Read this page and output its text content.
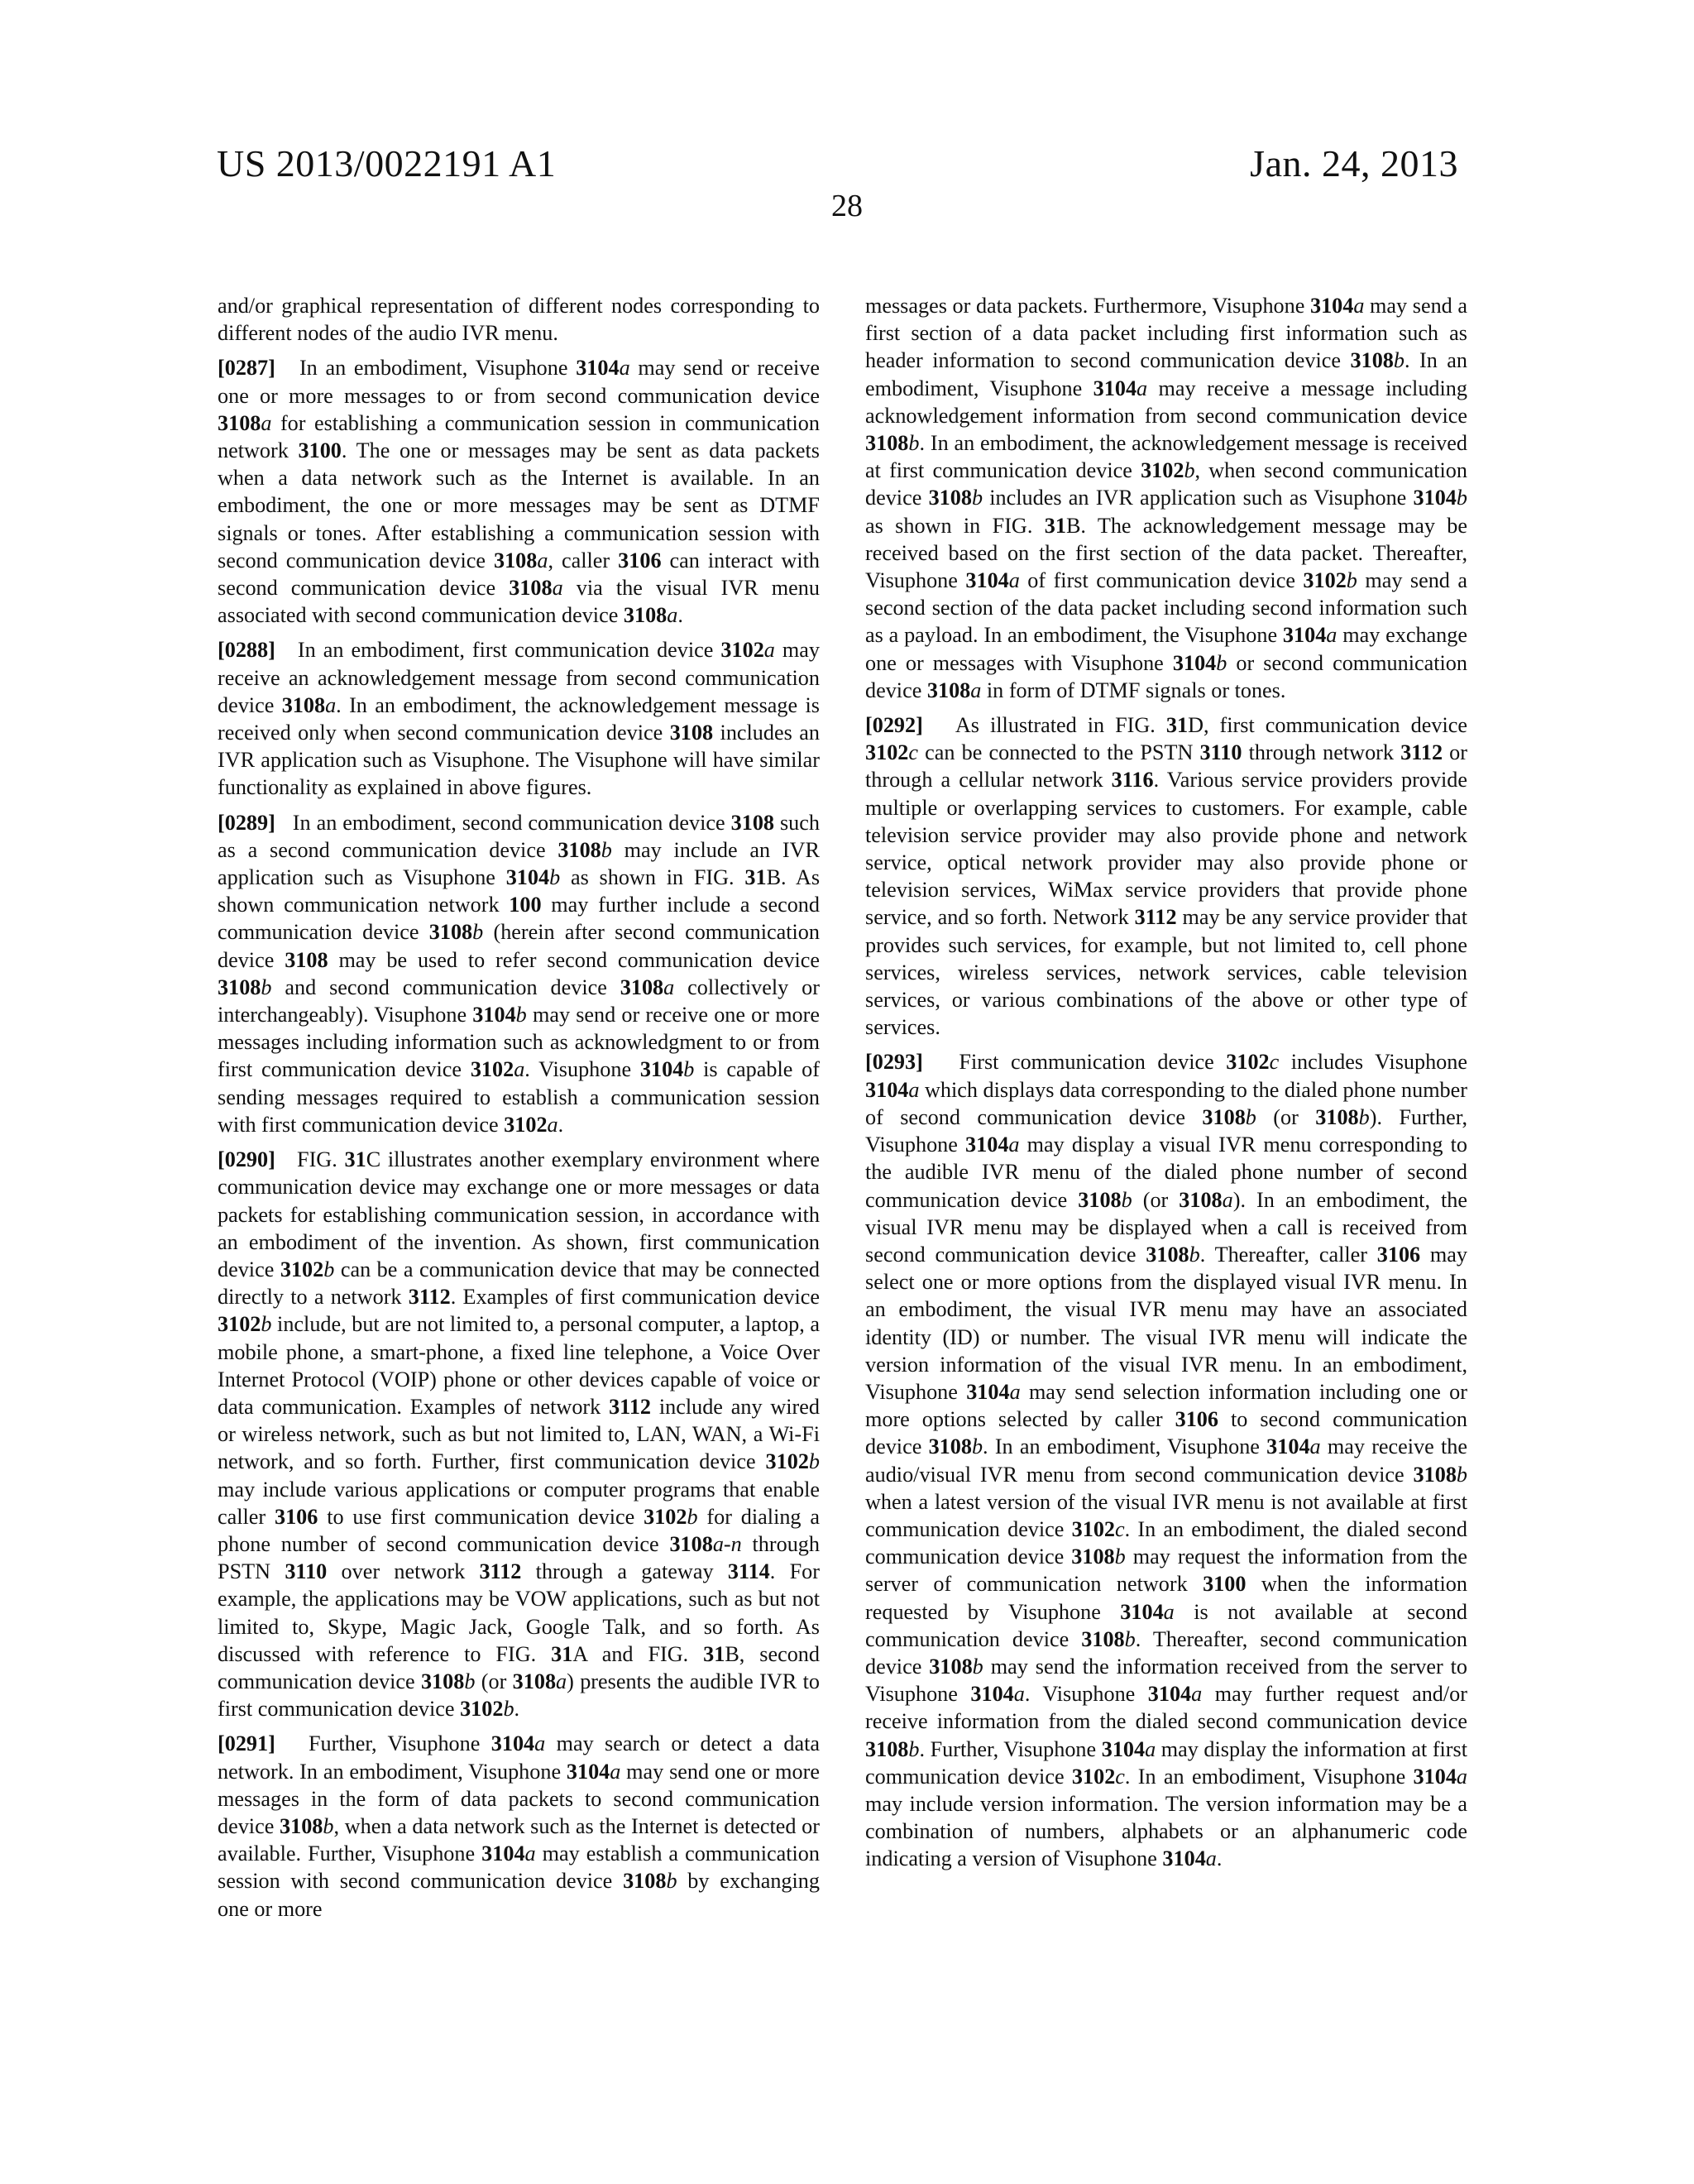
US 2013/0022191 A1	Jan. 24, 2013
28

and/or graphical representation of different nodes corresponding to different nodes of the audio IVR menu.

[0287] In an embodiment, Visuphone 3104a may send or receive one or more messages to or from second communication device 3108a for establishing a communication session in communication network 3100. The one or messages may be sent as data packets when a data network such as the Internet is available. In an embodiment, the one or more messages may be sent as DTMF signals or tones. After establishing a communication session with second communication device 3108a, caller 3106 can interact with second communication device 3108a via the visual IVR menu associated with second communication device 3108a.

[0288] In an embodiment, first communication device 3102a may receive an acknowledgement message from second communication device 3108a. In an embodiment, the acknowledgement message is received only when second communication device 3108 includes an IVR application such as Visuphone. The Visuphone will have similar functionality as explained in above figures.

[0289] In an embodiment, second communication device 3108 such as a second communication device 3108b may include an IVR application such as Visuphone 3104b as shown in FIG. 31B. As shown communication network 100 may further include a second communication device 3108b (herein after second communication device 3108 may be used to refer second communication device 3108b and second communication device 3108a collectively or interchangeably). Visuphone 3104b may send or receive one or more messages including information such as acknowledgment to or from first communication device 3102a. Visuphone 3104b is capable of sending messages required to establish a communication session with first communication device 3102a.

[0290] FIG. 31C illustrates another exemplary environment where communication device may exchange one or more messages or data packets for establishing communication session, in accordance with an embodiment of the invention. As shown, first communication device 3102b can be a communication device that may be connected directly to a network 3112. Examples of first communication device 3102b include, but are not limited to, a personal computer, a laptop, a mobile phone, a smart-phone, a fixed line telephone, a Voice Over Internet Protocol (VOIP) phone or other devices capable of voice or data communication. Examples of network 3112 include any wired or wireless network, such as but not limited to, LAN, WAN, a Wi-Fi network, and so forth. Further, first communication device 3102b may include various applications or computer programs that enable caller 3106 to use first communication device 3102b for dialing a phone number of second communication device 3108a-n through PSTN 3110 over network 3112 through a gateway 3114. For example, the applications may be VOW applications, such as but not limited to, Skype, Magic Jack, Google Talk, and so forth. As discussed with reference to FIG. 31A and FIG. 31B, second communication device 3108b (or 3108a) presents the audible IVR to first communication device 3102b.

[0291] Further, Visuphone 3104a may search or detect a data network. In an embodiment, Visuphone 3104a may send one or more messages in the form of data packets to second communication device 3108b, when a data network such as the Internet is detected or available. Further, Visuphone 3104a may establish a communication session with second communication device 3108b by exchanging one or more

messages or data packets. Furthermore, Visuphone 3104a may send a first section of a data packet including first information such as header information to second communication device 3108b. In an embodiment, Visuphone 3104a may receive a message including acknowledgement information from second communication device 3108b. In an embodiment, the acknowledgement message is received at first communication device 3102b, when second communication device 3108b includes an IVR application such as Visuphone 3104b as shown in FIG. 31B. The acknowledgement message may be received based on the first section of the data packet. Thereafter, Visuphone 3104a of first communication device 3102b may send a second section of the data packet including second information such as a payload. In an embodiment, the Visuphone 3104a may exchange one or messages with Visuphone 3104b or second communication device 3108a in form of DTMF signals or tones.

[0292] As illustrated in FIG. 31D, first communication device 3102c can be connected to the PSTN 3110 through network 3112 or through a cellular network 3116. Various service providers provide multiple or overlapping services to customers. For example, cable television service provider may also provide phone and network service, optical network provider may also provide phone or television services, WiMax service providers that provide phone service, and so forth. Network 3112 may be any service provider that provides such services, for example, but not limited to, cell phone services, wireless services, network services, cable television services, or various combinations of the above or other type of services.

[0293] First communication device 3102c includes Visuphone 3104a which displays data corresponding to the dialed phone number of second communication device 3108b (or 3108b). Further, Visuphone 3104a may display a visual IVR menu corresponding to the audible IVR menu of the dialed phone number of second communication device 3108b (or 3108a). In an embodiment, the visual IVR menu may be displayed when a call is received from second communication device 3108b. Thereafter, caller 3106 may select one or more options from the displayed visual IVR menu. In an embodiment, the visual IVR menu may have an associated identity (ID) or number. The visual IVR menu will indicate the version information of the visual IVR menu. In an embodiment, Visuphone 3104a may send selection information including one or more options selected by caller 3106 to second communication device 3108b. In an embodiment, Visuphone 3104a may receive the audio/visual IVR menu from second communication device 3108b when a latest version of the visual IVR menu is not available at first communication device 3102c. In an embodiment, the dialed second communication device 3108b may request the information from the server of communication network 3100 when the information requested by Visuphone 3104a is not available at second communication device 3108b. Thereafter, second communication device 3108b may send the information received from the server to Visuphone 3104a. Visuphone 3104a may further request and/or receive information from the dialed second communication device 3108b. Further, Visuphone 3104a may display the information at first communication device 3102c. In an embodiment, Visuphone 3104a may include version information. The version information may be a combination of numbers, alphabets or an alphanumeric code indicating a version of Visuphone 3104a.
